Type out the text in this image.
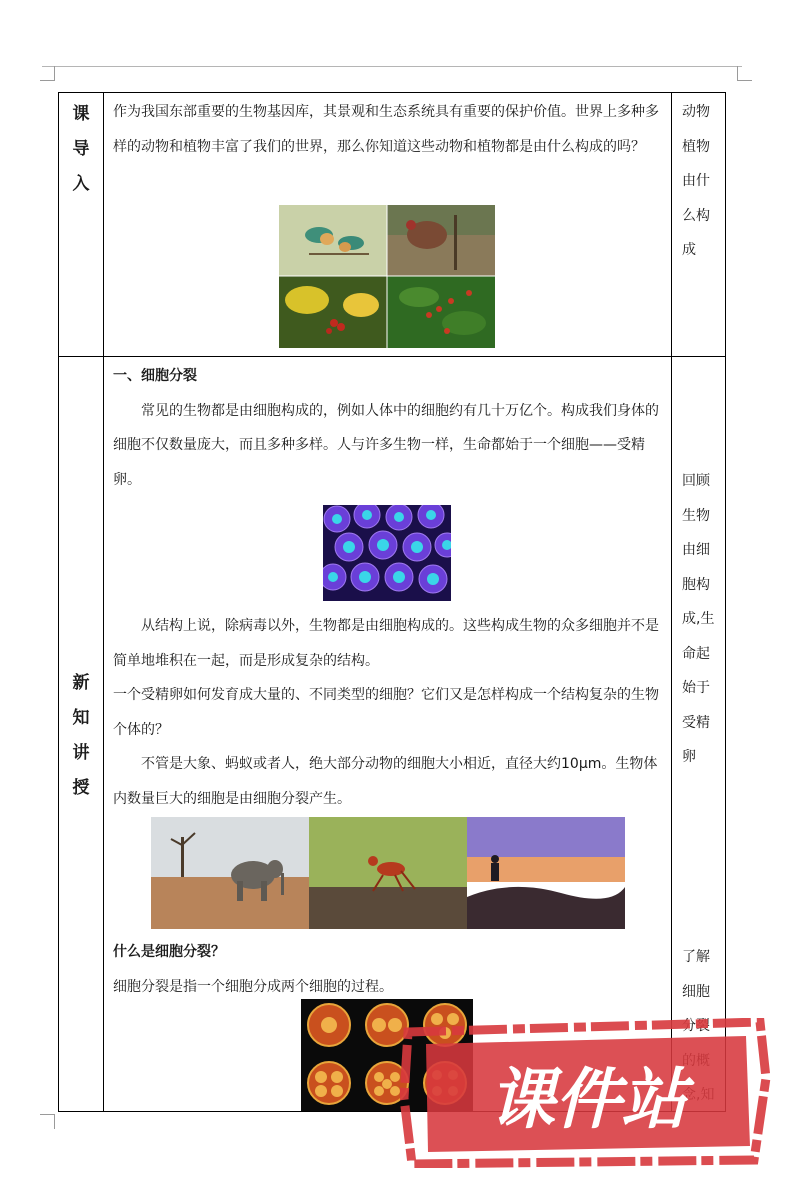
课
导
入

作为我国东部重要的生物基因库，其景观和生态系统具有重要的保护价值。世界上多种多样的动物和植物丰富了我们的世界，那么你知道这些动物和植物都是由什么构成的吗？

动物
植物
由什
么构
成
新
知
讲
授

一、细胞分裂

常见的生物都是由细胞构成的，例如人体中的细胞约有几十万亿个。构成我们身体的细胞不仅数量庞大，而且多种多样。人与许多生物一样，生命都始于一个细胞——受精卵。

从结构上说，除病毒以外，生物都是由细胞构成的。这些构成生物的众多细胞并不是简单地堆积在一起，而是形成复杂的结构。

一个受精卵如何发育成大量的、不同类型的细胞？它们又是怎样构成一个结构复杂的生物个体的？

不管是大象、蚂蚁或者人，绝大部分动物的细胞大小相近，直径大约10μm。生物体内数量巨大的细胞是由细胞分裂产生。

什么是细胞分裂？

细胞分裂是指一个细胞分成两个细胞的过程。

回顾
生物
由细
胞构
成,生
命起
始于
受精
卵
了解
细胞
分裂
课件站
